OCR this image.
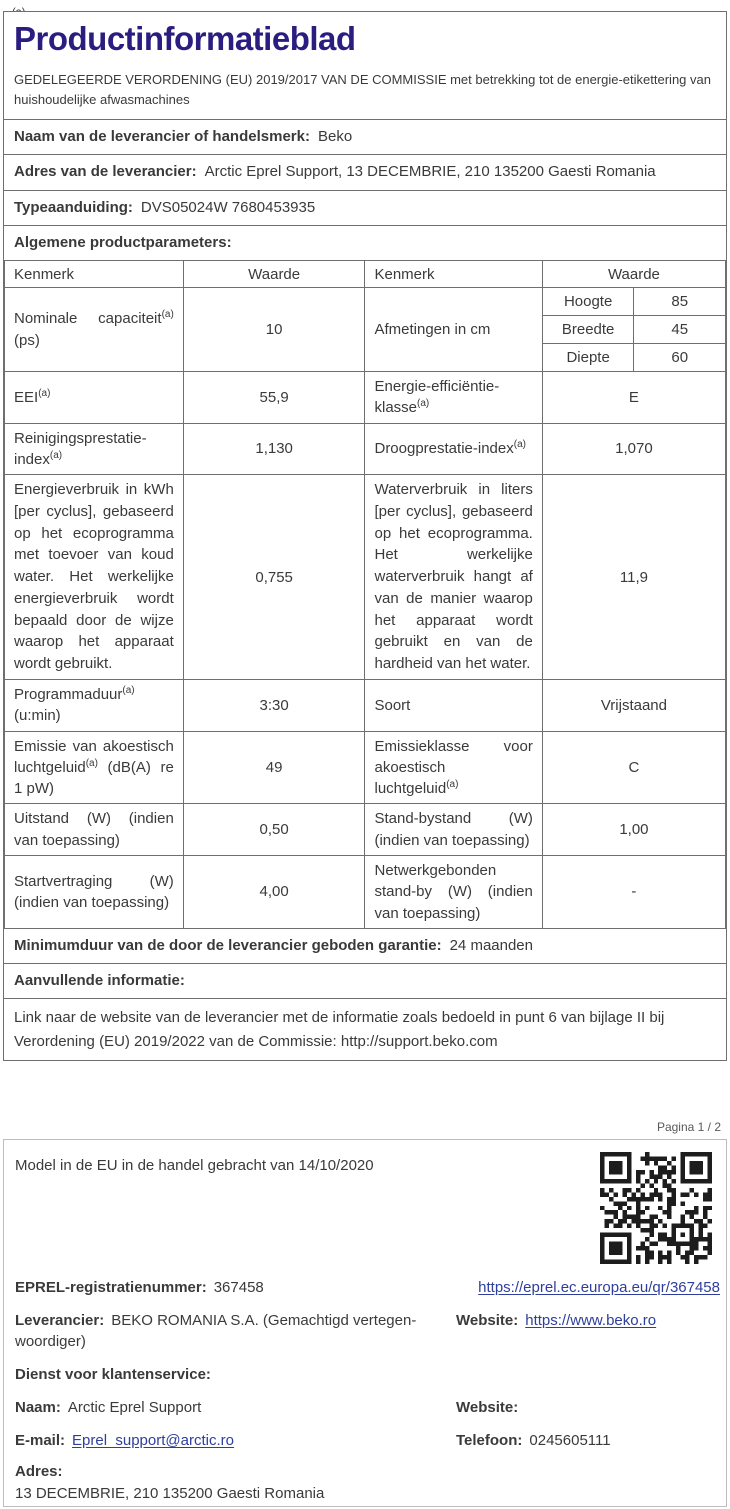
Productinformatieblad

GEDELEGEERDE VERORDENING (EU) 2019/2017 VAN DE COMMISSIE met betrekking tot de energie-etikettering van huishoudelijke afwasmachines

Naam van de leverancier of handelsmerk: Beko
Adres van de leverancier: Arctic Eprel Support, 13 DECEMBRIE, 210 135200 Gaesti Romania
Typeaanduiding: DVS05024W 7680453935
Algemene productparameters:
Kenmerk	Waarde	Kenmerk	Waarde
Nominale capaciteit$^{(a)}$ (ps)	10	Afmetingen in cm	
Hoogte	85
Breedte	45
Diepte	60

EEI$^{(a)}$	55,9	Energie-efficiëntie-klasse$^{(a)}$	E
Reinigingsprestatie-index$^{(a)}$	1,130	Droogprestatie-index$^{(a)}$	1,070
Energieverbruik in kWh [per cyclus], gebaseerd op het ecoprogramma met toevoer van koud water. Het werkelijke energieverbruik wordt bepaald door de wijze waarop het apparaat wordt gebruikt.	0,755	Waterverbruik in liters [per cyclus], gebaseerd op het ecoprogramma. Het werkelijke waterverbruik hangt af van de manier waarop het apparaat wordt gebruikt en van de hardheid van het water.	11,9
Programmaduur$^{(a)}$ (u:min)	3:30	Soort	Vrijstaand
Emissie van akoestisch luchtgeluid$^{(a)}$ (dB(A) re 1 pW)	49	Emissieklasse voor akoestisch luchtgeluid$^{(a)}$	C
Uitstand (W) (indien van toepassing)	0,50	Stand-bystand (W) (indien van toepassing)	1,00
Startvertraging (W) (indien van toepassing)	4,00	Netwerkgebonden stand-by (W) (indien van toepassing)	-
Minimumduur van de door de leverancier geboden garantie: 24 maanden
Aanvullende informatie:
Link naar de website van de leverancier met de informatie zoals bedoeld in punt 6 van bijlage II bij Verordening (EU) 2019/2022 van de Commissie: http://support.beko.com
Pagina 1 / 2
Model in de EU in de handel gebracht van 14/10/2020
EPREL-registratienummer: 367458	https://eprel.ec.europa.eu/qr/367458
Leverancier: BEKO ROMANIA S.A. (Gemachtigd vertegen-woordiger)
Website: https://www.beko.ro
Dienst voor klantenservice:
Naam: Arctic Eprel Support	Website:
E-mail: Eprel_support@arctic.ro	Telefoon: 0245605111
Adres:
13 DECEMBRIE, 210 135200 Gaesti Romania
